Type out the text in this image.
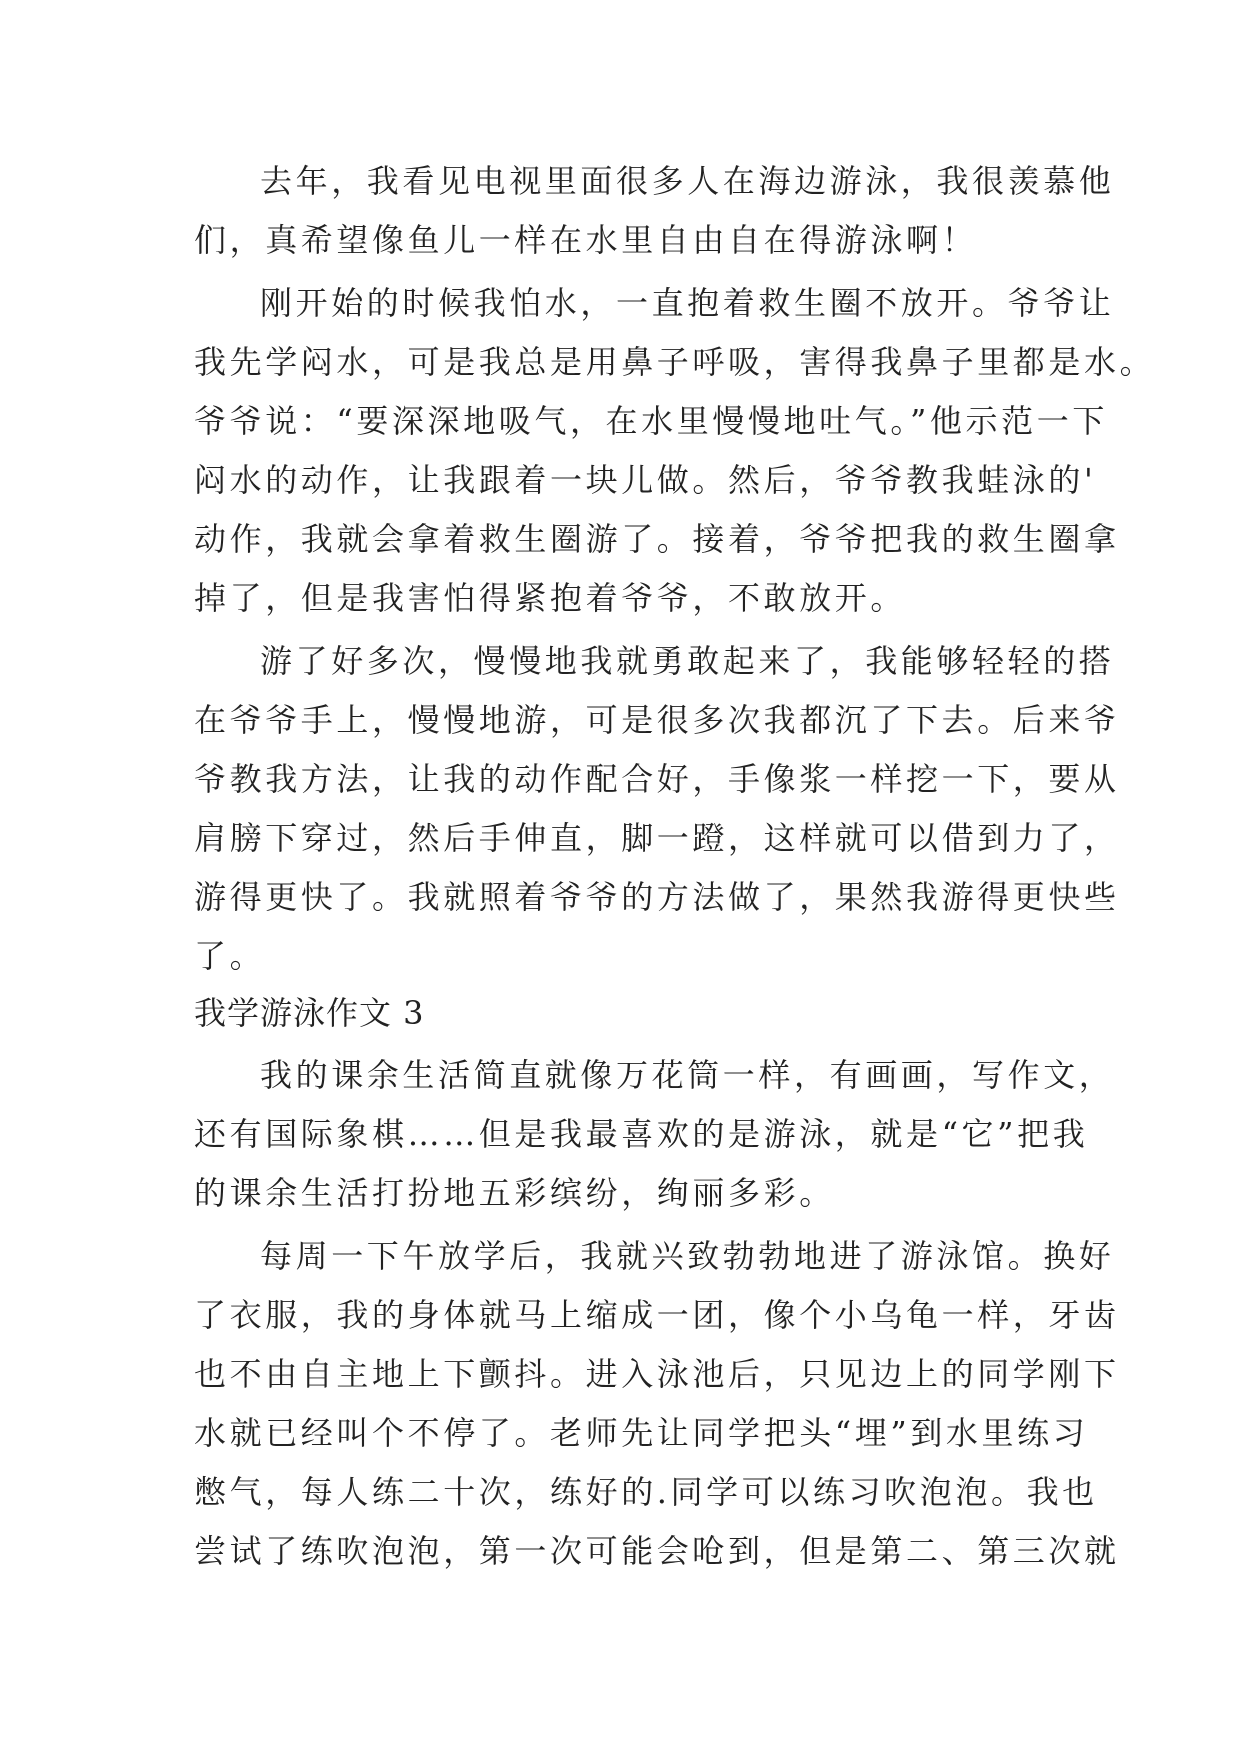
去年，我看见电视里面很多人在海边游泳，我很羡慕他
们，真希望像鱼儿一样在水里自由自在得游泳啊！
刚开始的时候我怕水，一直抱着救生圈不放开。爷爷让
我先学闷水，可是我总是用鼻子呼吸，害得我鼻子里都是水。
爷爷说：“要深深地吸气，在水里慢慢地吐气。”他示范一下
闷水的动作，让我跟着一块儿做。然后，爷爷教我蛙泳的'
动作，我就会拿着救生圈游了。接着，爷爷把我的救生圈拿
掉了，但是我害怕得紧抱着爷爷，不敢放开。
游了好多次，慢慢地我就勇敢起来了，我能够轻轻的搭
在爷爷手上，慢慢地游，可是很多次我都沉了下去。后来爷
爷教我方法，让我的动作配合好，手像浆一样挖一下，要从
肩膀下穿过，然后手伸直，脚一蹬，这样就可以借到力了，
游得更快了。我就照着爷爷的方法做了，果然我游得更快些
了。
我学游泳作文 3
我的课余生活简直就像万花筒一样，有画画，写作文，
还有国际象棋……但是我最喜欢的是游泳，就是“它”把我
的课余生活打扮地五彩缤纷，绚丽多彩。
每周一下午放学后，我就兴致勃勃地进了游泳馆。换好
了衣服，我的身体就马上缩成一团，像个小乌龟一样，牙齿
也不由自主地上下颤抖。进入泳池后，只见边上的同学刚下
水就已经叫个不停了。老师先让同学把头“埋”到水里练习
憋气，每人练二十次，练好的.同学可以练习吹泡泡。我也
尝试了练吹泡泡，第一次可能会呛到，但是第二、第三次就
